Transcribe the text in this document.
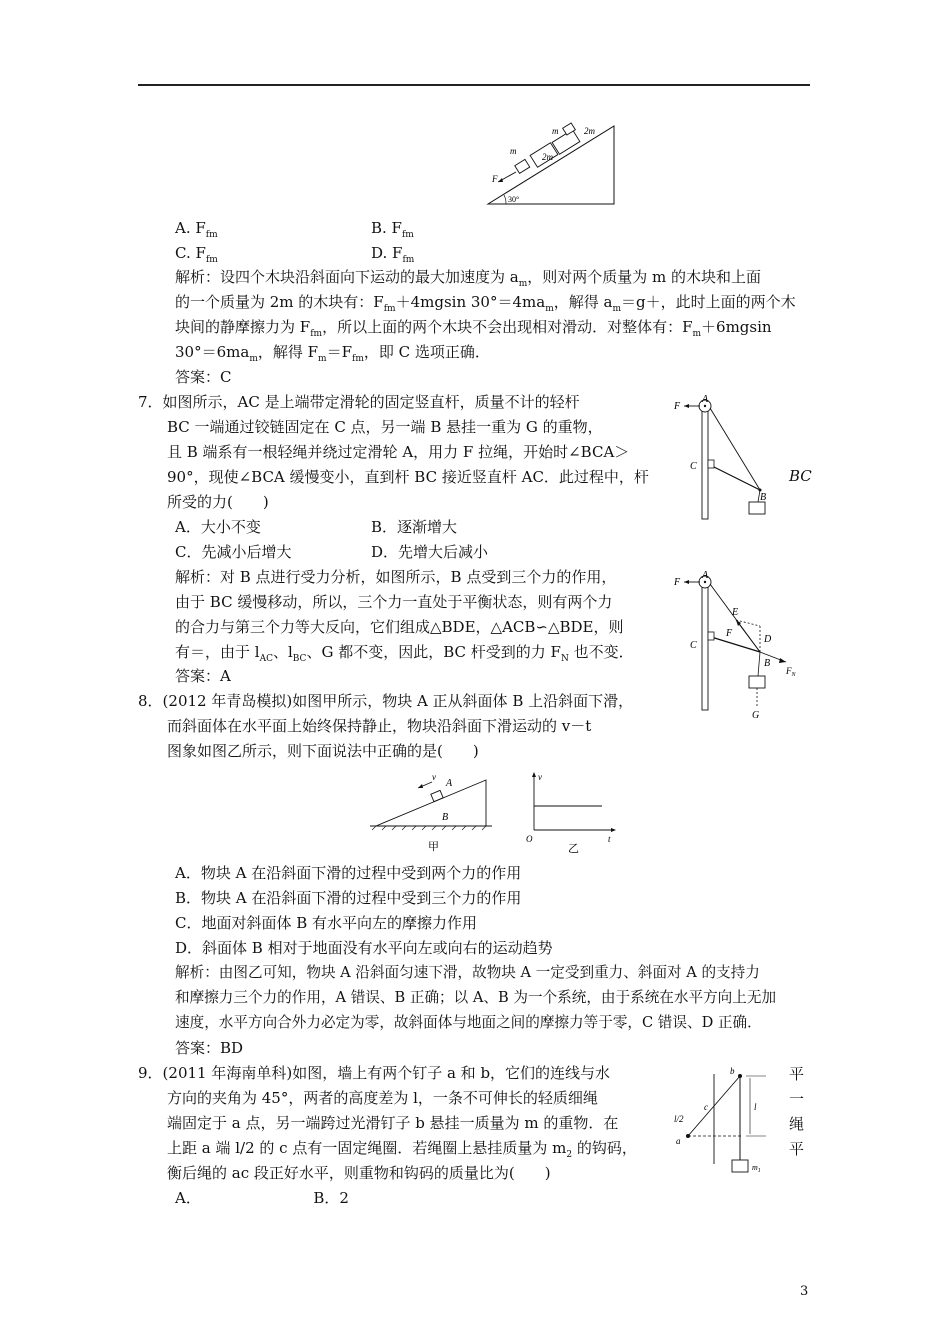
m
m	2m
2m
F
30°
A. $F_{fm}$	B. $F_{fm}$
C. $F_{fm}$	D. $F_{fm}$
解析：设四个木块沿斜面向下运动的最大加速度为 $a_m$，则对两个质量为 m 的木块和上面
的一个质量为 2m 的木块有：$F_{fm}+4mgsin$ $30^\circ=4ma_m$，解得 $a_m=g+$，此时上面的两个木
块间的静摩擦力为 $F_{fm}$，所以上面的两个木块不会出现相对滑动．对整体有：$F_m+6mgsin$
$30^\circ=6ma_m$，解得 $F_m=F_{fm}$，即 C 选项正确．
答案：C
7．如图所示，AC 是上端带定滑轮的固定竖直杆，质量不计的轻杆
BC 一端通过铰链固定在 C 点，另一端 B 悬挂一重为 G 的重物，
且 B 端系有一根轻绳并绕过定滑轮 A，用力 F 拉绳，开始时∠BCA＞
90°，现使∠BCA 缓慢变小，直到杆 BC 接近竖直杆 AC．此过程中，杆
所受的力(　　)
BC
A
F
C
B
A．大小不变	B．逐渐增大
C．先减小后增大	D．先增大后减小
解析：对 B 点进行受力分析，如图所示，B 点受到三个力的作用，
由于 BC 缓慢移动，所以，三个力一直处于平衡状态，则有两个力
的合力与第三个力等大反向，它们组成△BDE，△ACB∽△BDE，则
有＝，由于 $l_{AC}$、$l_{BC}$、G 都不变，因此，BC 杆受到的力 $F_N$ 也不变．
答案：A
A
F
E
F
D
C
B
$F_N$
G
8．(2012 年青岛模拟)如图甲所示，物块 A 正从斜面体 B 上沿斜面下滑，
而斜面体在水平面上始终保持静止，物块沿斜面下滑运动的 v－t
图象如图乙所示，则下面说法中正确的是(　　)
v
A
B
甲
v
O	t
乙
A．物块 A 在沿斜面下滑的过程中受到两个力的作用
B．物块 A 在沿斜面下滑的过程中受到三个力的作用
C．地面对斜面体 B 有水平向左的摩擦力作用
D．斜面体 B 相对于地面没有水平向左或向右的运动趋势
解析：由图乙可知，物块 A 沿斜面匀速下滑，故物块 A 一定受到重力、斜面对 A 的支持力
和摩擦力三个力的作用，A 错误、B 正确；以 A、B 为一个系统，由于系统在水平方向上无加
速度，水平方向合外力必定为零，故斜面体与地面之间的摩擦力等于零，C 错误、D 正确．
答案：BD
9．(2011 年海南单科)如图，墙上有两个钉子 a 和 b，它们的连线与水
方向的夹角为 45°，两者的高度差为 l，一条不可伸长的轻质细绳
端固定于 a 点，另一端跨过光滑钉子 b 悬挂一质量为 m 的重物．在
上距 a 端 l/2 的 c 点有一固定绳圈．若绳圈上悬挂质量为 $m_2$ 的钩码，
衡后绳的 ac 段正好水平，则重物和钩码的质量比为(　　)
A．　　　　　　　　B．2
平
一
绳
平
b
c
l/2
l
a
$m_1$
3
